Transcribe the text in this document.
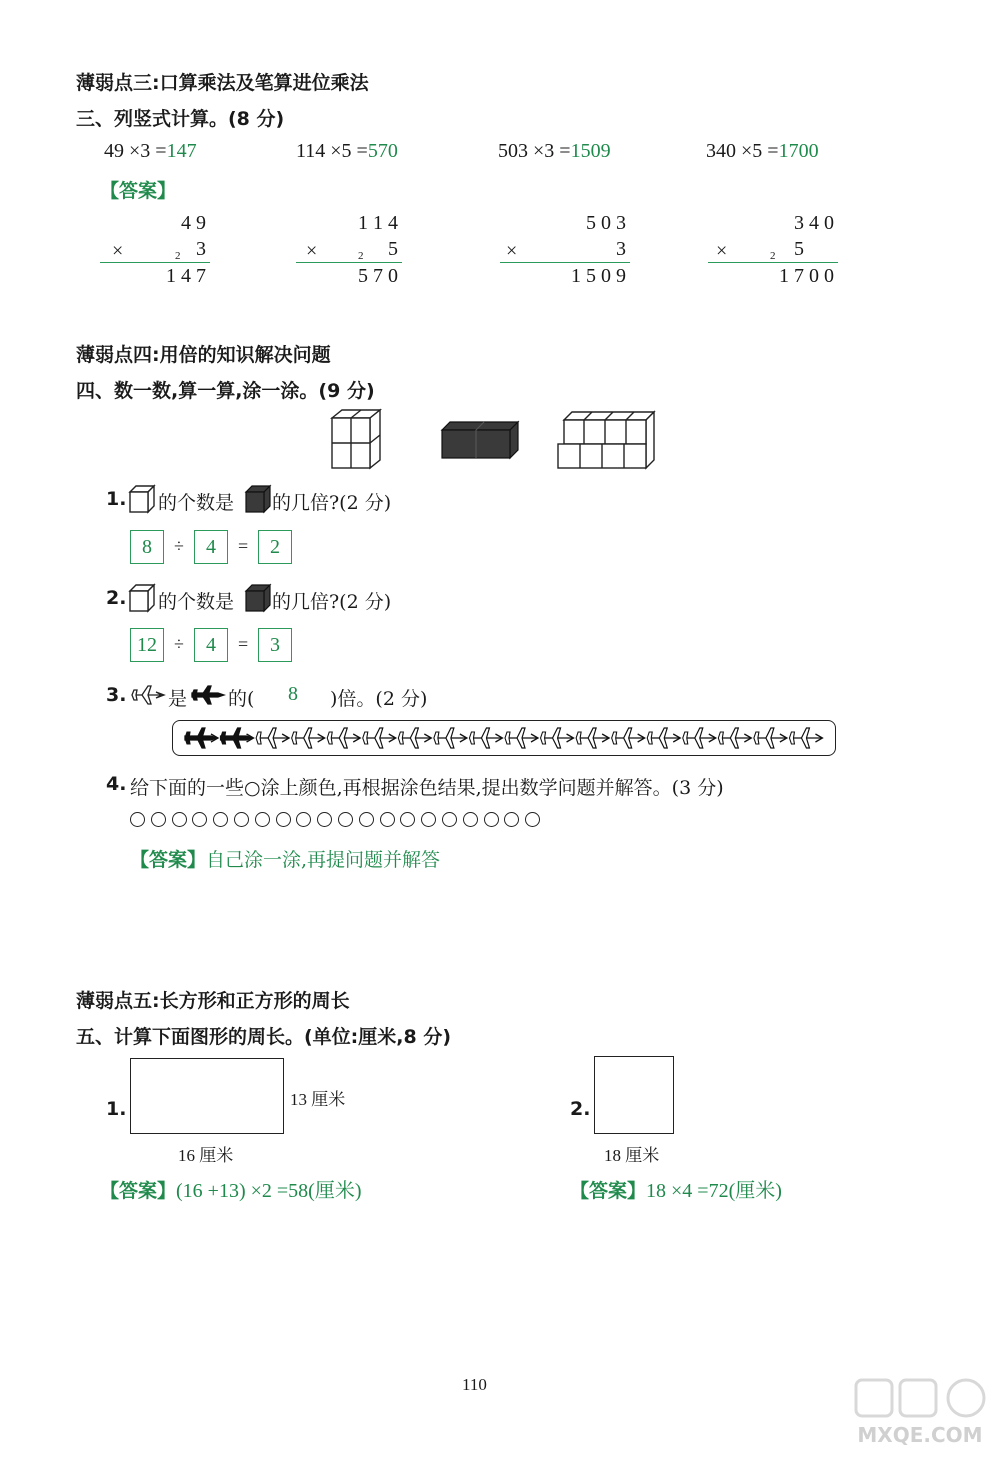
薄弱点三:口算乘法及笔算进位乘法
三、列竖式计算。(8 分)
49 ×3 =147	114 ×5 =570	503 ×3 =1509	340 ×5 =1700
【答案】
4 9
×	2 3
1 4 7
1 1 4
×	2 5
5 7 0
5 0 3
×	3
1 5 0 9
3 4 0
×	2 5
1 7 0 0
薄弱点四:用倍的知识解决问题
四、数一数,算一算,涂一涂。(9 分)
1. 的个数是 的几倍?(2 分)
8	÷	4	=	2
2. 的个数是 的几倍?(2 分)
12 ÷	4	=	3
3. 是 的( 8 )倍。(2 分)
4. 给下面的一些○涂上颜色,再根据涂色结果,提出数学问题并解答。(3 分)
【答案】自己涂一涂,再提问题并解答
薄弱点五:长方形和正方形的周长
五、计算下面图形的周长。(单位:厘米,8 分)
1.	13 厘米
16 厘米
【答案】(16 +13) ×2 =58(厘米)
2.
18 厘米
【答案】18 ×4 =72(厘米)
110
MXQE.COM
